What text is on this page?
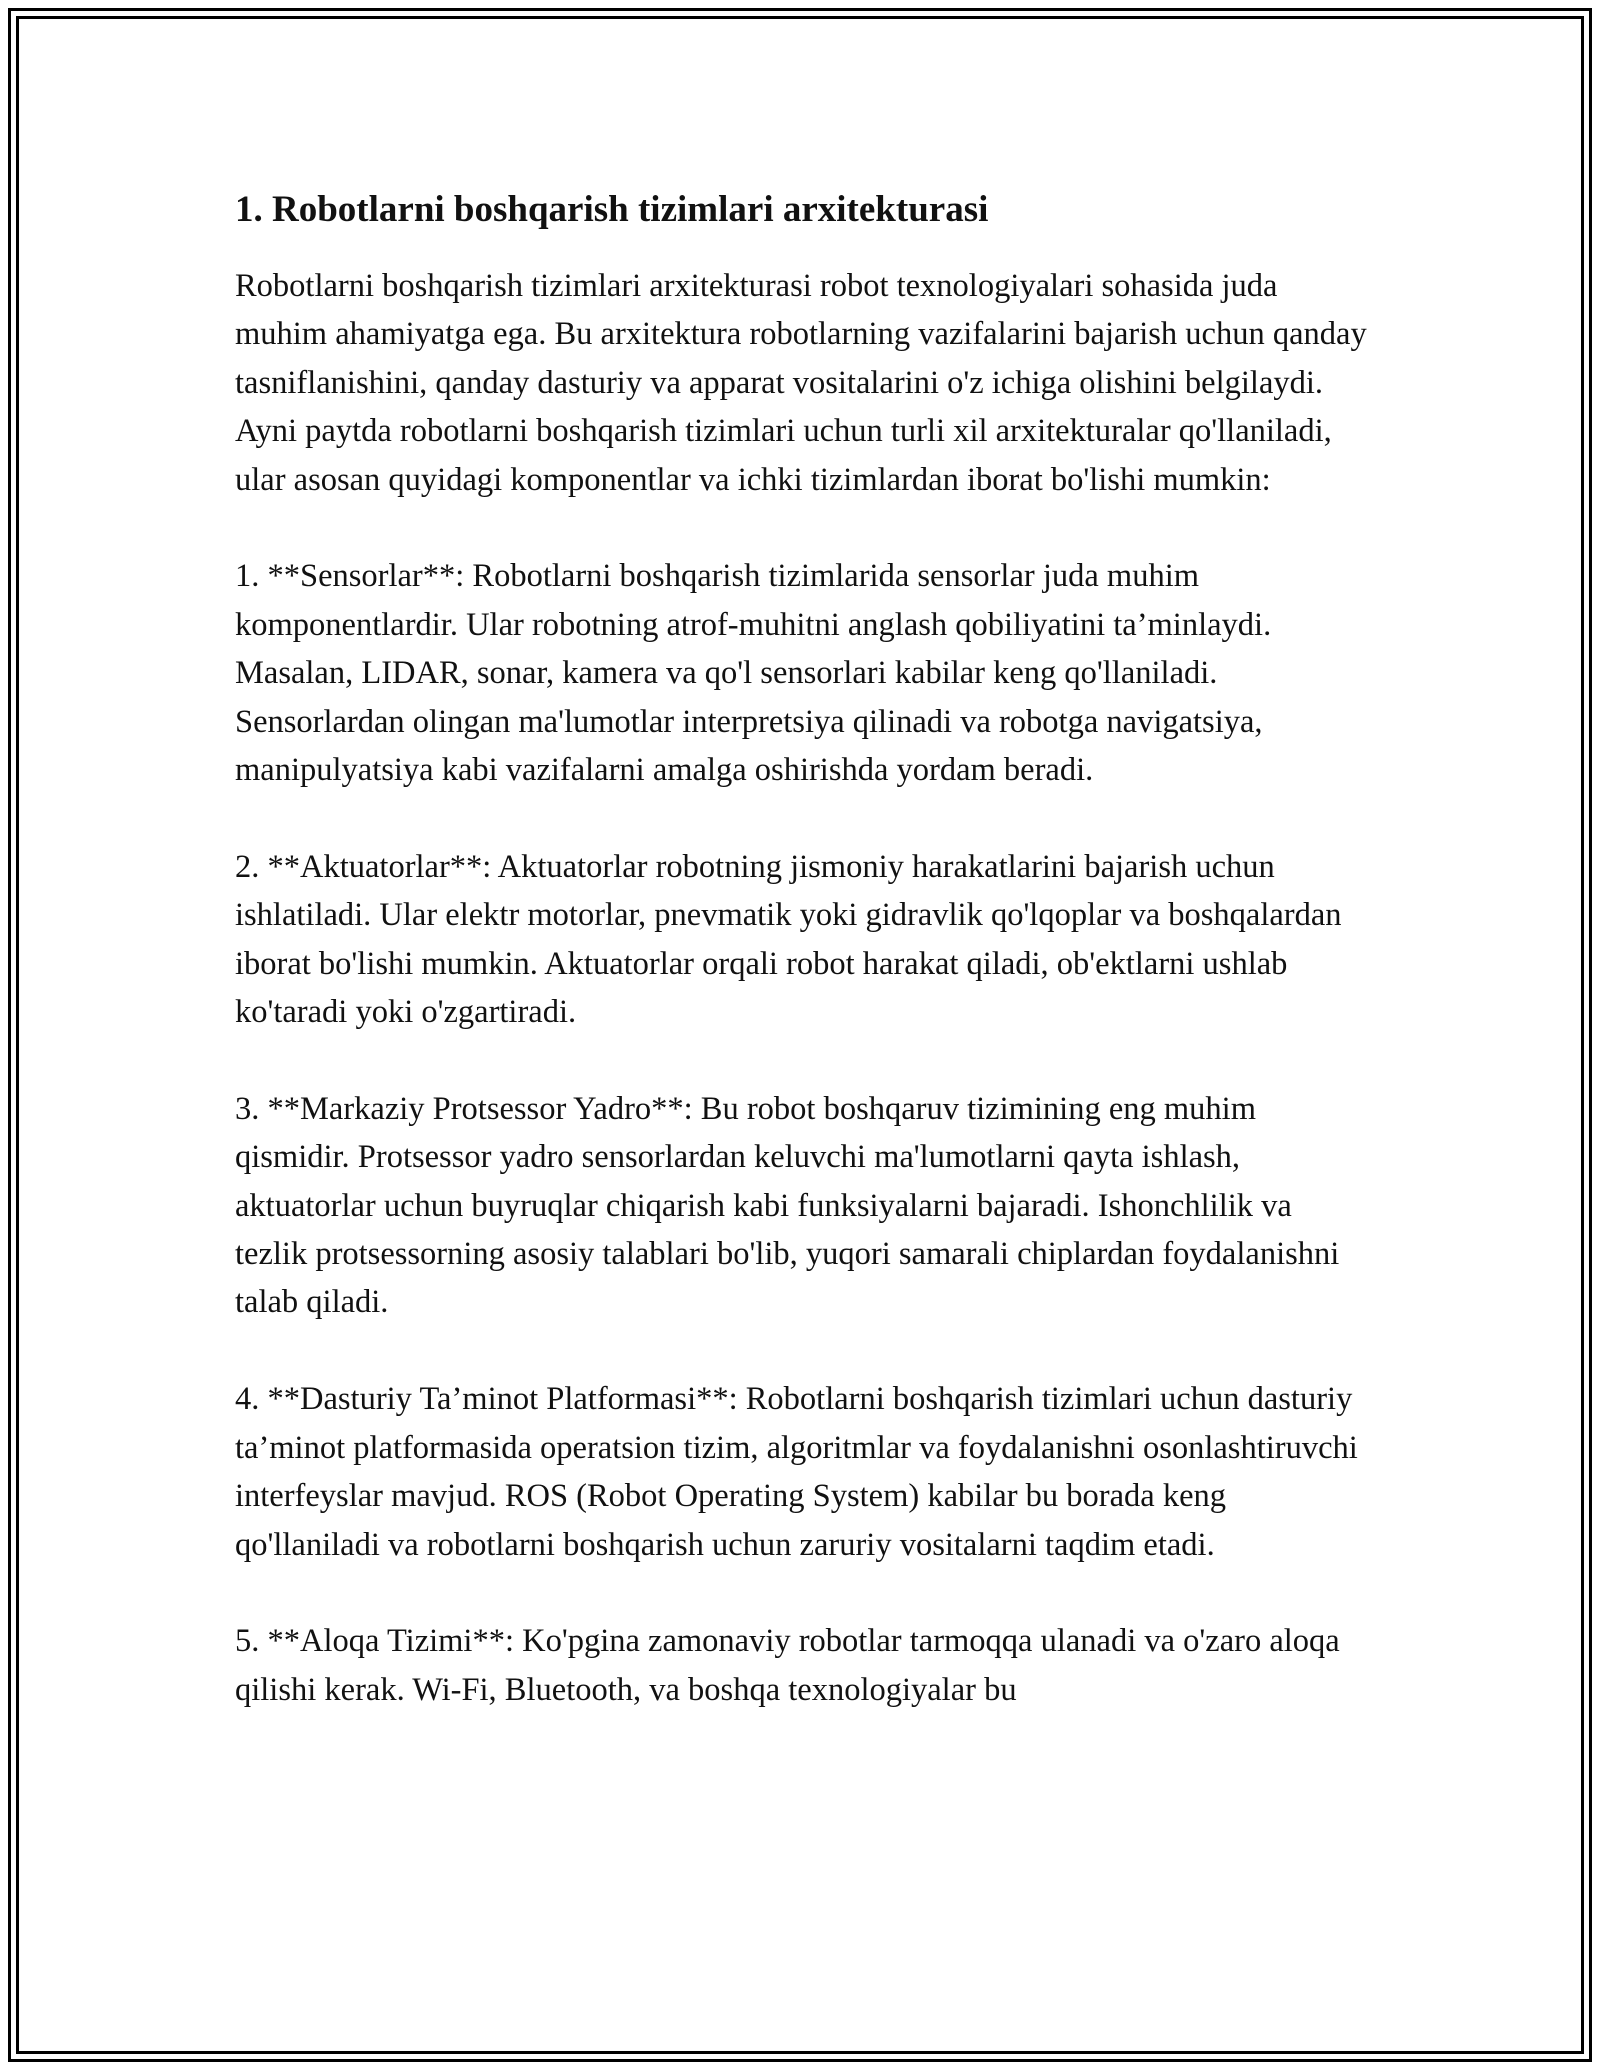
1. Robotlarni boshqarish tizimlari arxitekturasi

Robotlarni boshqarish tizimlari arxitekturasi robot texnologiyalari sohasida juda muhim ahamiyatga ega. Bu arxitektura robotlarning vazifalarini bajarish uchun qanday tasniflanishini, qanday dasturiy va apparat vositalarini o'z ichiga olishini belgilaydi. Ayni paytda robotlarni boshqarish tizimlari uchun turli xil arxitekturalar qo'llaniladi, ular asosan quyidagi komponentlar va ichki tizimlardan iborat bo'lishi mumkin:

1. **Sensorlar**: Robotlarni boshqarish tizimlarida sensorlar juda muhim komponentlardir. Ular robotning atrof-muhitni anglash qobiliyatini ta’minlaydi. Masalan, LIDAR, sonar, kamera va qo'l sensorlari kabilar keng qo'llaniladi. Sensorlardan olingan ma'lumotlar interpretsiya qilinadi va robotga navigatsiya, manipulyatsiya kabi vazifalarni amalga oshirishda yordam beradi.

2. **Aktuatorlar**: Aktuatorlar robotning jismoniy harakatlarini bajarish uchun ishlatiladi. Ular elektr motorlar, pnevmatik yoki gidravlik qo'lqoplar va boshqalardan iborat bo'lishi mumkin. Aktuatorlar orqali robot harakat qiladi, ob'ektlarni ushlab ko'taradi yoki o'zgartiradi.

3. **Markaziy Protsessor Yadro**: Bu robot boshqaruv tizimining eng muhim qismidir. Protsessor yadro sensorlardan keluvchi ma'lumotlarni qayta ishlash, aktuatorlar uchun buyruqlar chiqarish kabi funksiyalarni bajaradi. Ishonchlilik va tezlik protsessorning asosiy talablari bo'lib, yuqori samarali chiplardan foydalanishni talab qiladi.

4. **Dasturiy Ta’minot Platformasi**: Robotlarni boshqarish tizimlari uchun dasturiy ta’minot platformasida operatsion tizim, algoritmlar va foydalanishni osonlashtiruvchi interfeyslar mavjud. ROS (Robot Operating System) kabilar bu borada keng qo'llaniladi va robotlarni boshqarish uchun zaruriy vositalarni taqdim etadi.

5. **Aloqa Tizimi**: Ko'pgina zamonaviy robotlar tarmoqqa ulanadi va o'zaro aloqa qilishi kerak. Wi-Fi, Bluetooth, va boshqa texnologiyalar bu
